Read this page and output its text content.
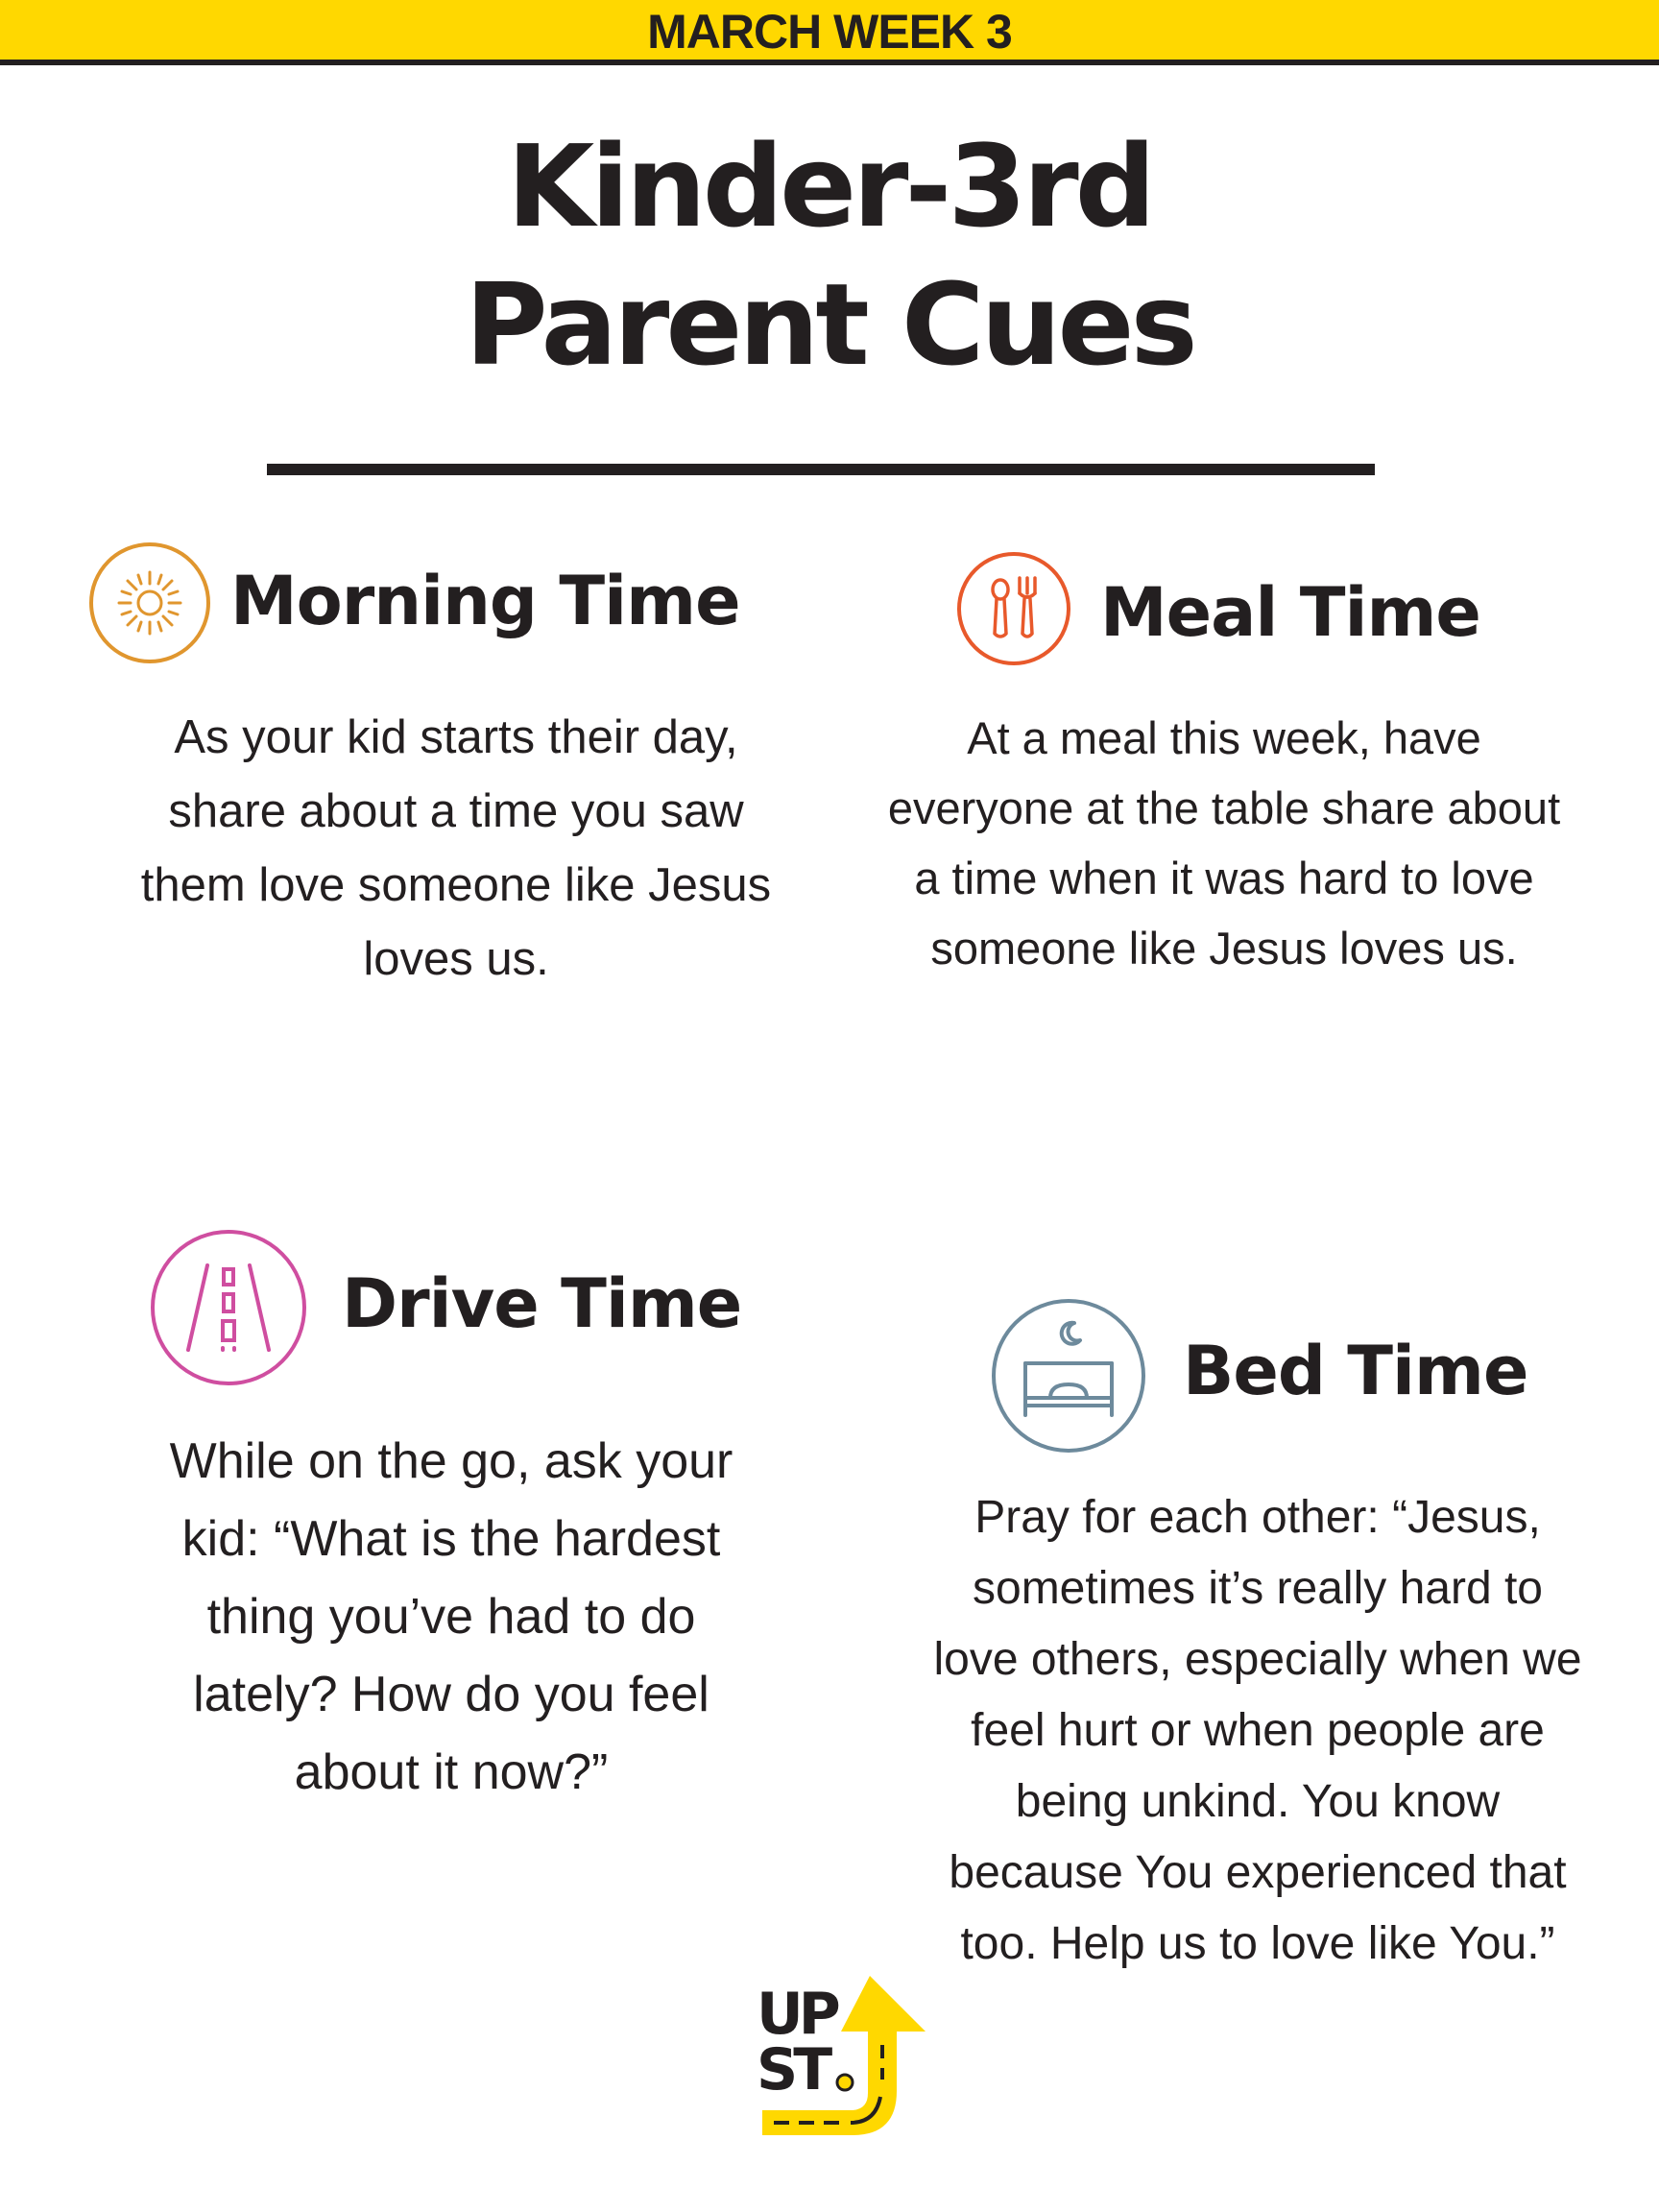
MARCH WEEK 3
Kinder-3rd
Parent Cues
Morning Time
As your kid starts their day,
share about a time you saw
them love someone like Jesus
loves us.
Meal Time
At a meal this week, have
everyone at the table share about
a time when it was hard to love
someone like Jesus loves us.
Drive Time
While on the go, ask your
kid: “What is the hardest
thing you’ve had to do
lately? How do you feel
about it now?”
Bed Time
Pray for each other: “Jesus,
sometimes it’s really hard to
love others, especially when we
feel hurt or when people are
being unkind. You know
because You experienced that
too. Help us to love like You.”
UP
ST
